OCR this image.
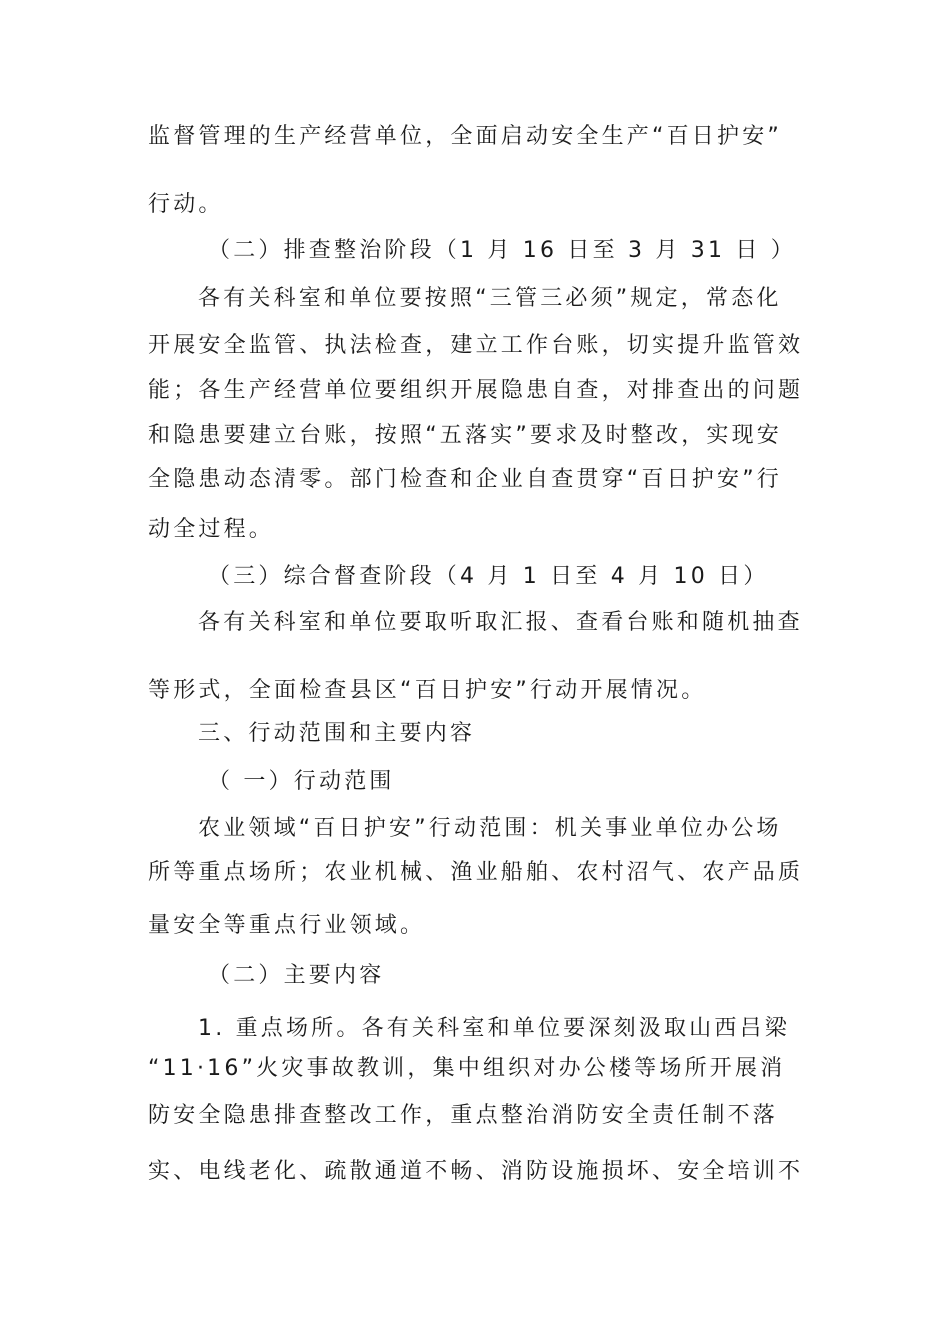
监督管理的生产经营单位，全面启动安全生产“百日护安”
行动。
（二）排查整治阶段（1 月 16 日至 3 月 31 日 ）
各有关科室和单位要按照“三管三必须”规定，常态化
开展安全监管、执法检查，建立工作台账，切实提升监管效
能；各生产经营单位要组织开展隐患自查，对排查出的问题
和隐患要建立台账，按照“五落实”要求及时整改，实现安
全隐患动态清零。部门检查和企业自查贯穿“百日护安”行
动全过程。
（三）综合督查阶段（4 月 1 日至 4 月 10 日）
各有关科室和单位要取听取汇报、查看台账和随机抽查
等形式，全面检查县区“百日护安”行动开展情况。
三、行动范围和主要内容
（ 一）行动范围
农业领域“百日护安”行动范围：机关事业单位办公场
所等重点场所；农业机械、渔业船舶、农村沼气、农产品质
量安全等重点行业领域。
（二）主要内容
1. 重点场所。各有关科室和单位要深刻汲取山西吕梁
“11·16”火灾事故教训，集中组织对办公楼等场所开展消
防安全隐患排查整改工作，重点整治消防安全责任制不落
实、电线老化、疏散通道不畅、消防设施损坏、安全培训不
